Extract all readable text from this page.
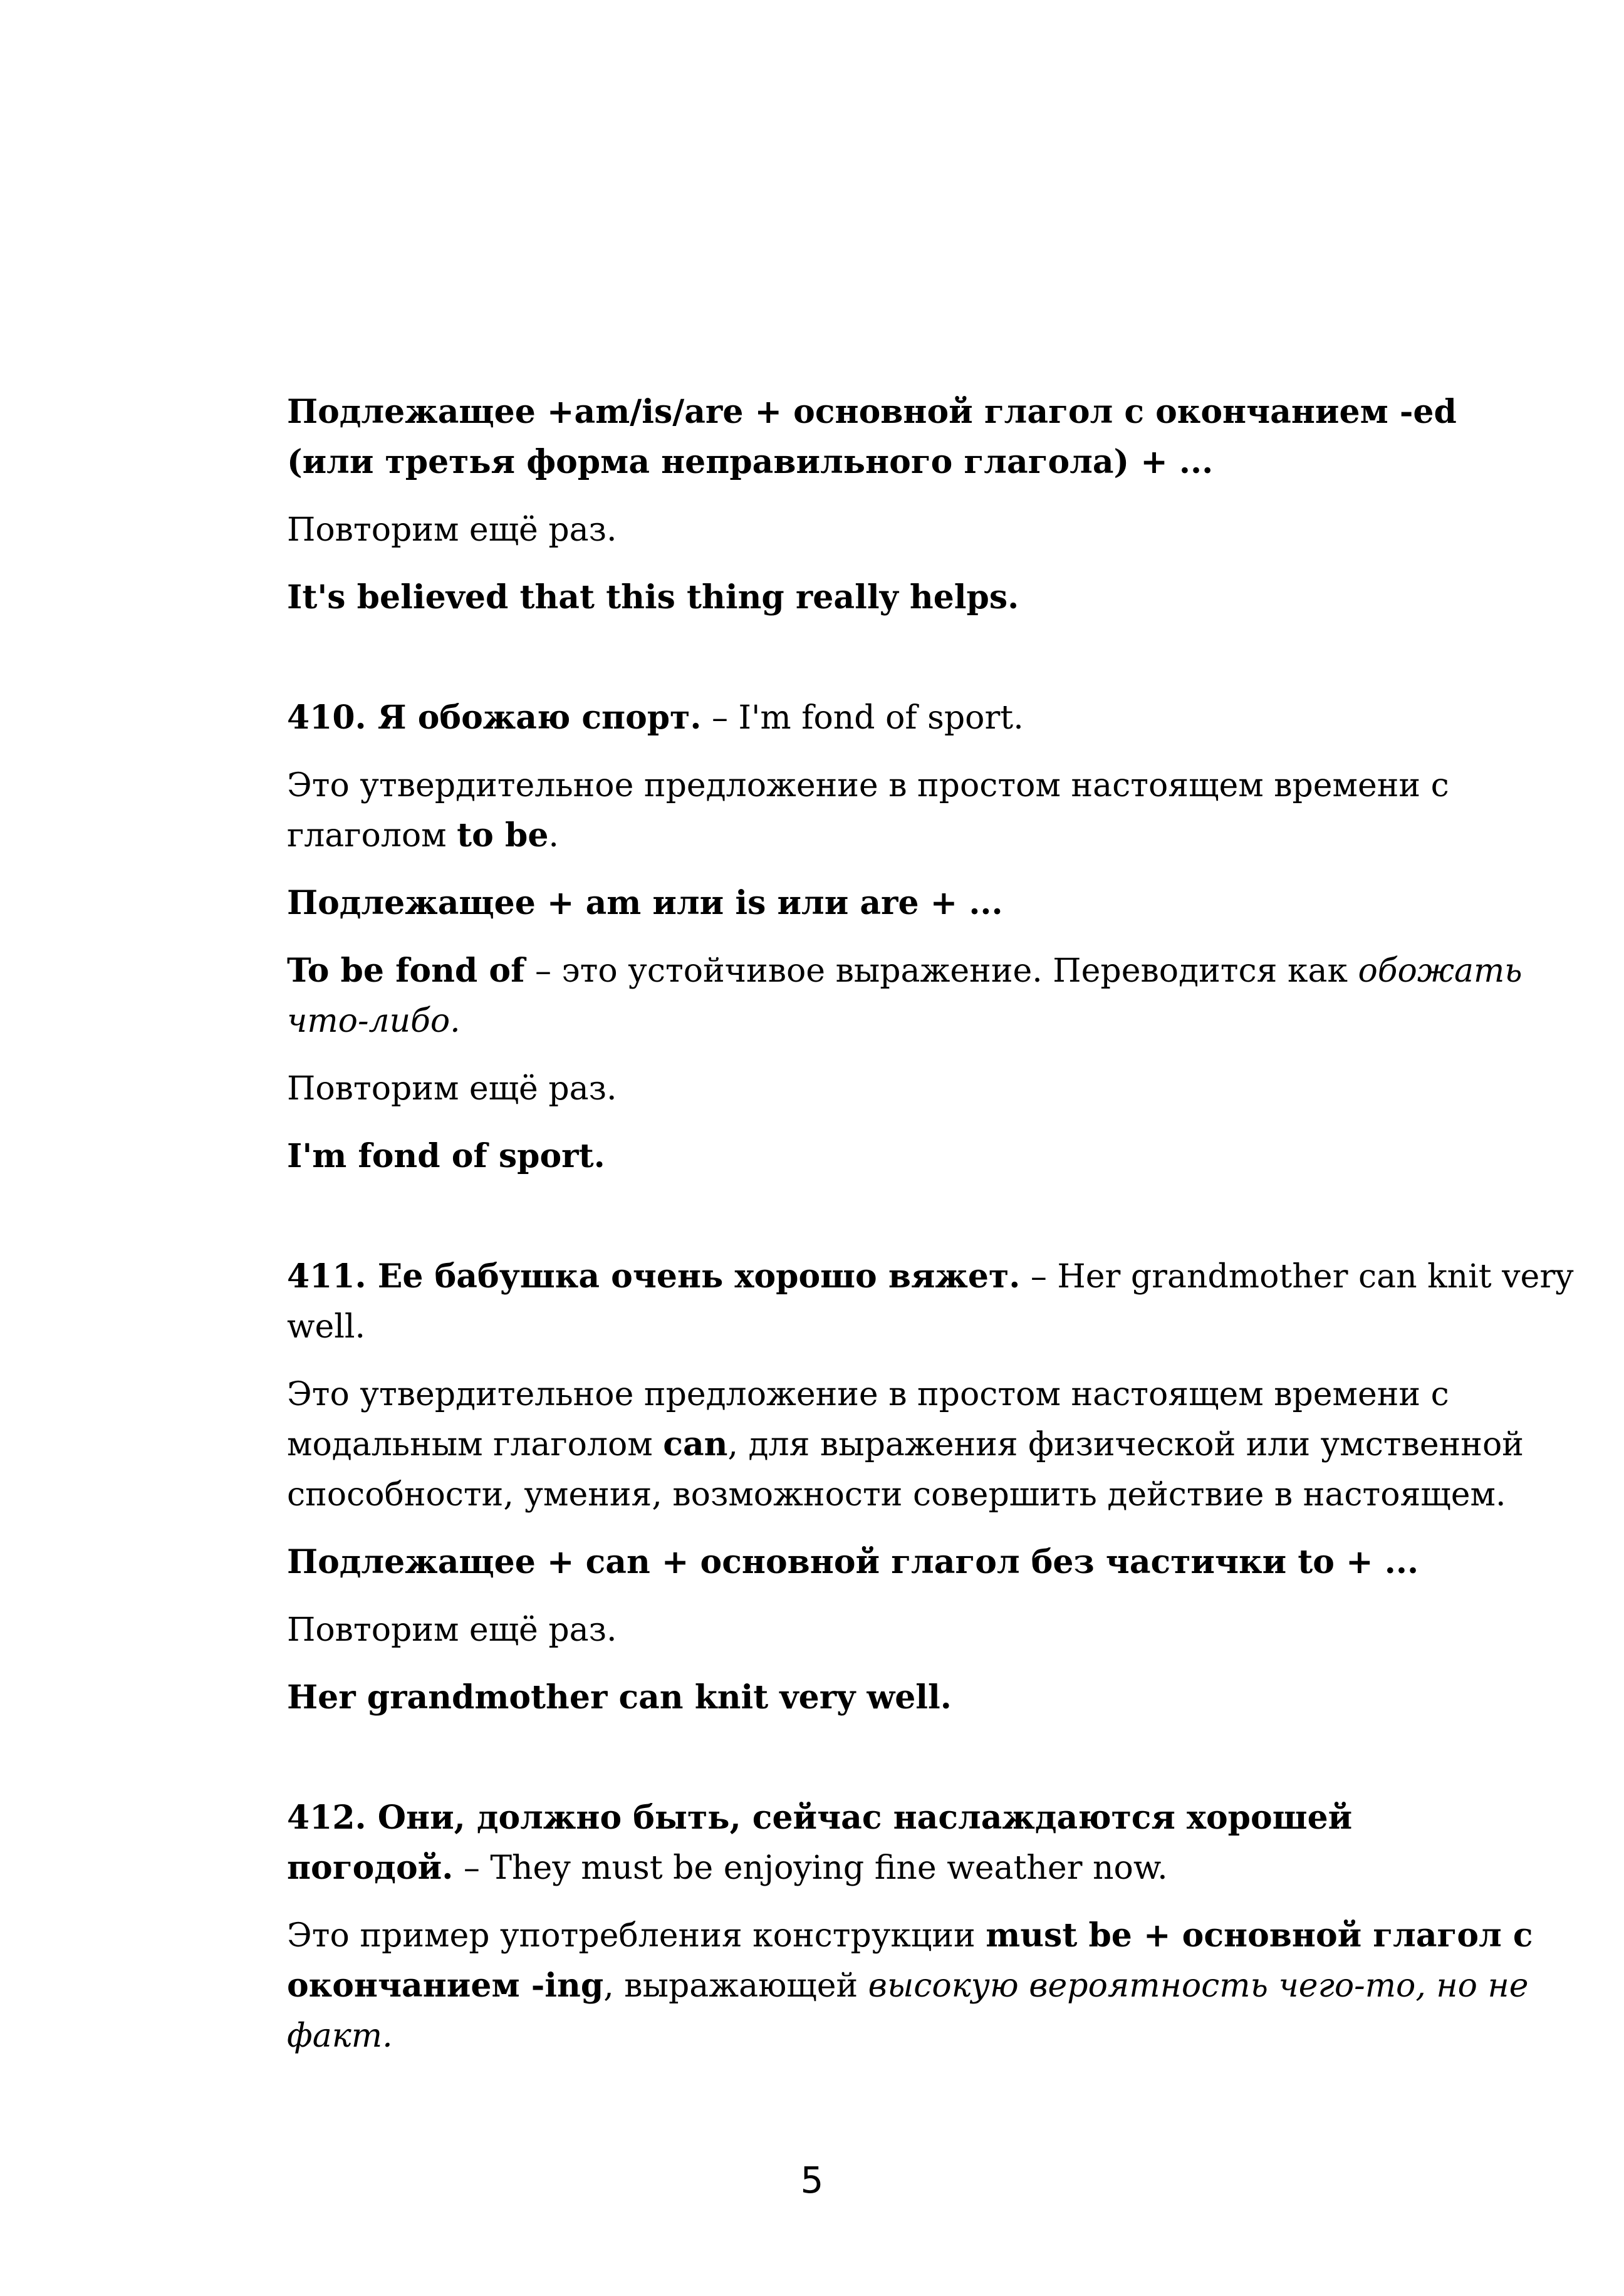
Подлежащее +am/is/are + основной глагол с окончанием -ed
(или третья форма неправильного глагола) + ...

Повторим ещё раз.

It's believed that this thing really helps.

410. Я обожаю спорт. – I'm fond of sport.

Это утвердительное предложение в простом настоящем времени с
глаголом to be.

Подлежащее + am или is или are + ...

To be fond of – это устойчивое выражение. Переводится как обожать
что-либо.

Повторим ещё раз.

I'm fond of sport.

411. Ее бабушка очень хорошо вяжет. – Her grandmother can knit very
well.

Это утвердительное предложение в простом настоящем времени с
модальным глаголом can, для выражения физической или умственной
способности, умения, возможности совершить действие в настоящем.

Подлежащее + can + основной глагол без частички to + ...

Повторим ещё раз.

Her grandmother can knit very well.

412. Они, должно быть, сейчас наслаждаются хорошей
погодой. – They must be enjoying fine weather now.

Это пример употребления конструкции must be + основной глагол с
окончанием -ing, выражающей высокую вероятность чего-то, но не
факт.

5
